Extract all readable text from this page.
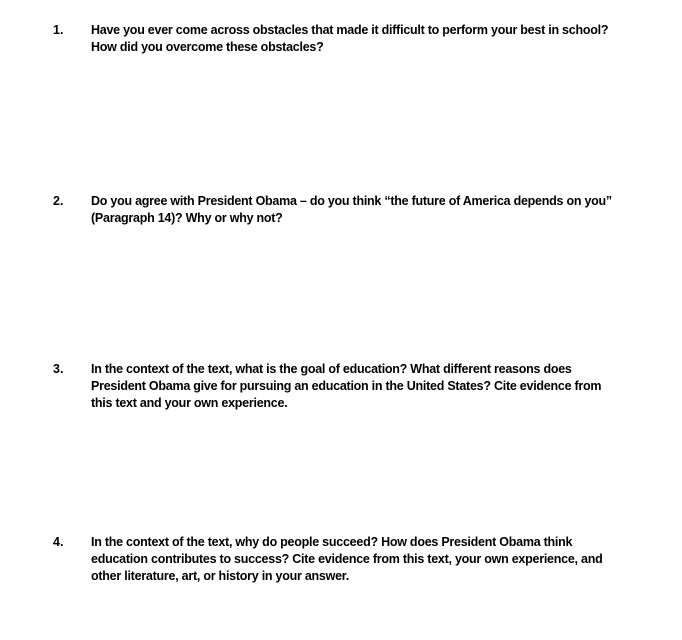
1. Have you ever come across obstacles that made it difficult to perform your best in school?
How did you overcome these obstacles?
2. Do you agree with President Obama – do you think “the future of America depends on you”
(Paragraph 14)? Why or why not?
3. In the context of the text, what is the goal of education? What different reasons does
President Obama give for pursuing an education in the United States? Cite evidence from
this text and your own experience.
4. In the context of the text, why do people succeed? How does President Obama think
education contributes to success? Cite evidence from this text, your own experience, and
other literature, art, or history in your answer.
